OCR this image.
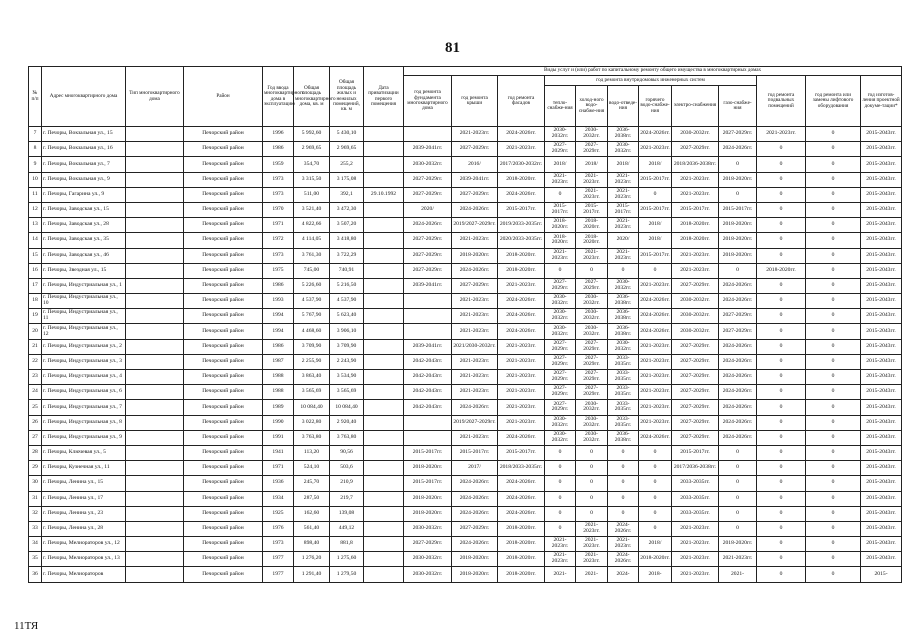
81
№ п/п	Адрес многоквартирного дома	Тип многоквартирного дома	Район	Год ввода многоквартирного дома в эксплуатацию	Общая площадь многоквартирного дома, кв. м	Общая площадь жилых и нежилых помещений, кв. м	Дата приватизации первого помещения	Виды услуг и (или) работ по капитальному ремонту общего имущества в многоквартирных домах											
								год ремонта фундамента многоквартирного дома	год ремонта крыши	год ремонта фасадов	год ремонта внутридомовых инженерных систем						год ремонта подвальных помещений	год ремонта или замены лифтового оборудования	год изготов-ления проектной докуме-тации*
											тепло-снабже-ния	холод-ного водо-снабже-ния	водо-отведе-ния	горячего водо-снабже-ния	электро-снабжения	газо-снабже-ния			
7	г. Печоры, Вокзальная ул., 15		Печорский район	1996	5 992,60	5 430,10			2021-2023гг.	2024-2026гг.	2030-2032гг.	2030-2032гг.	2036-2038гг.	2024-2026гг.	2030-2032гг.	2027-2029гг.	2021-2023гг.	0	2015-2043гг.
8	г. Печоры, Вокзальная ул., 16		Печорский район	1986	2 969,65	2 969,65		2039-2041гг.	2027-2029гг.	2021-2023гг.	2027-2029гг.	2027-2029гг.	2030-2032гг.	2021-2023гг.	2027-2029гг.	2024-2026гг.	0	0	2015-2043гг.
9	г. Печоры, Вокзальная ул., 7		Печорский район	1959	354,70	255,2		2030-2032гг.	2016/	2017/2030-2032гг.	2018/	2018/	2018/	2018/	2018/2036-2038гг.	0	0	0	2015-2043гг.
10	г. Печоры, Вокзальная ул., 9		Печорский район	1973	3 315,50	3 175,08		2027-2029гг.	2039-2041гг.	2018-2020гг.	2021-2023гг.	2021-2023гг.	2021-2023гг.	2015-2017гг.	2021-2023гг.	2018-2020гг.	0	0	2015-2043гг.
11	г. Печоры, Гагарина ул., 9		Печорский район	1973	511,00	392,1	29.10.1992	2027-2029гг.	2027-2029гг.	2024-2026гг.	0	2021-2023гг.	2021-2023гг.	0	2021-2023гг.	0	0	0	2015-2043гг.
12	г. Печоры, Заводская ул., 15		Печорский район	1970	3 521,40	3 472,30		2020/	2024-2026гг.	2015-2017гг.	2015-2017гг.	2015-2017гг.	2015-2017гг.	2015-2017гг.	2015-2017гг.	2015-2017гг.	0	0	2015-2043гг.
13	г. Печоры, Заводская ул., 28		Печорский район	1971	4 822,66	3 507,20		2024-2026гг.	2019/2027-2029гг.	2019/2033-2035гг.	2018-2020гг.	2018-2020гг.	2021-2023гг.	2018/	2018-2020гг.	2018-2020гг.	0	0	2015-2043гг.
14	г. Печоры, Заводская ул., 35		Печорский район	1972	4 114,05	3 418,80		2027-2029гг.	2021-2023гг.	2020/2033-2035гг.	2018-2020гг.	2018-2020гг.	2020/	2018/	2018-2020гг.	2018-2020гг.	0	0	2015-2043гг.
15	г. Печоры, Заводская ул., 46		Печорский район	1973	3 761,30	3 722,29		2027-2029гг.	2018-2020гг.	2018-2020гг.	2021-2023гг.	2021-2023гг.	2021-2023гг.	2015-2017гг.	2021-2023гг.	2018-2020гг.	0	0	2015-2043гг.
16	г. Печоры, Звездная ул., 15		Печорский район	1975	745,00	740,91		2027-2029гг.	2024-2026гг.	2018-2020гг.	0	0	0	0	2021-2023гг.	0	2018-2020гг.	0	2015-2043гг.
17	г. Печоры, Индустриальная ул., 1		Печорский район	1986	5 226,60	5 216,50		2039-2041гг.	2027-2029гг.	2021-2023гг.	2027-2029гг.	2027-2029гг.	2030-2032гг.	2021-2023гг.	2027-2029гг.	2024-2026гг.	0	0	2015-2043гг.
18	г. Печоры, Индустриальная ул., 10		Печорский район	1993	4 537,90	4 537,90			2021-2023гг.	2024-2026гг.	2030-2032гг.	2030-2032гг.	2036-2038гг.	2024-2026гг.	2030-2032гг.	2024-2026гг.	0	0	2015-2043гг.
19	г. Печоры, Индустриальная ул., 11		Печорский район	1994	5 767,90	5 623,40			2021-2023гг.	2024-2026гг.	2030-2032гг.	2030-2032гг.	2036-2038гг.	2024-2026гг.	2030-2032гг.	2027-2029гг.	0	0	2015-2043гг.
20	г. Печоры, Индустриальная ул., 12		Печорский район	1994	4 468,60	3 906,10			2021-2023гг.	2024-2026гг.	2030-2032гг.	2030-2032гг.	2036-2038гг.	2024-2026гг.	2030-2032гг.	2027-2029гг.	0	0	2015-2043гг.
21	г. Печоры, Индустриальная ул., 2		Печорский район	1986	3 709,90	3 709,90		2039-2041гг.	2021/2030-2032гг.	2021-2023гг.	2027-2029гг.	2027-2029гг.	2030-2032гг.	2021-2023гг.	2027-2029гг.	2024-2026гг.	0	0	2015-2043гг.
22	г. Печоры, Индустриальная ул., 3		Печорский район	1987	2 255,90	2 243,90		2042-2043гг.	2021-2023гг.	2021-2023гг.	2027-2029гг.	2027-2029гг.	2033-2035гг.	2021-2023гг.	2027-2029гг.	2024-2026гг.	0	0	2015-2043гг.
23	г. Печоры, Индустриальная ул., 4		Печорский район	1988	3 863,40	3 534,90		2042-2043гг.	2021-2023гг.	2021-2023гг.	2027-2029гг.	2027-2029гг.	2033-2035гг.	2021-2023гг.	2027-2029гг.	2024-2026гг.	0	0	2015-2043гг.
24	г. Печоры, Индустриальная ул., 6		Печорский район	1988	3 565,69	3 565,69		2042-2043гг.	2021-2023гг.	2021-2023гг.	2027-2029гг.	2027-2029гг.	2033-2035гг.	2021-2023гг.	2027-2029гг.	2024-2026гг.	0	0	2015-2043гг.
25	г. Печоры, Индустриальная ул., 7		Печорский район	1989	10 084,40	10 084,40		2042-2043гг.	2024-2026гг.	2021-2023гг.	2027-2029гг.	2030-2032гг.	2033-2035гг.	2021-2023гг.	2027-2029гг.	2024-2026гг.	0	0	2015-2043гг.
26	г. Печоры, Индустриальная ул., 8		Печорский район	1990	3 022,80	2 920,40			2019/2027-2029гг.	2021-2023гг.	2030-2032гг.	2030-2032гг.	2033-2035гг.	2021-2023гг.	2027-2029гг.	2024-2026гг.	0	0	2015-2043гг.
27	г. Печоры, Индустриальная ул., 9		Печорский район	1991	3 763,80	3 763,80			2021-2023гг.	2024-2026гг.	2030-2032гг.	2030-2032гг.	2036-2038гг.	2024-2026гг.	2027-2029гг.	2024-2026гг.	0	0	2015-2043гг.
28	г. Печоры, Ключевая ул., 5		Печорский район	1941	113,20	90,56		2015-2017гг.	2015-2017гг.	2015-2017гг.	0	0	0	0	2015-2017гг.	0	0	0	2015-2043гг.
29	г. Печоры, Кузнечная ул., 11		Печорский район	1971	524,10	503,6		2018-2020гг.	2017/	2018/2033-2035гг.	0	0	0	0	2017/2036-2038гг.	0	0	0	2015-2043гг.
30	г. Печоры, Ленина ул., 15		Печорский район	1936	245,70	210,9		2015-2017гг.	2024-2026гг.	2024-2026гг.	0	0	0	0	2033-2035гг.	0	0	0	2015-2043гг.
31	г. Печоры, Ленина ул., 17		Печорский район	1934	287,50	219,7		2018-2020гг.	2024-2026гг.	2024-2026гг.	0	0	0	0	2033-2035гг.	0	0	0	2015-2043гг.
32	г. Печоры, Ленина ул., 23		Печорский район	1925	162,60	139,08		2018-2020гг.	2024-2026гг.	2024-2026гг.	0	0	0	0	2033-2035гг.	0	0	0	2015-2043гг.
33	г. Печоры, Ленина ул., 28		Печорский район	1976	561,40	449,12		2030-2032гг.	2027-2029гг.	2018-2020гг.	0	2021-2023гг.	2024-2026гг.	0	2021-2023гг.	0	0	0	2015-2043гг.
34	г. Печоры, Мелиораторов ул., 12		Печорский район	1973	898,40	881,8		2027-2029гг.	2024-2026гг.	2018-2020гг.	2021-2023гг.	2021-2023гг.	2021-2023гг.	2018/	2021-2023гг.	2018-2020гг.	0	0	2015-2043гг.
35	г. Печоры, Мелиораторов ул., 13		Печорский район	1977	1 276,20	1 275,60		2030-2032гг.	2018-2020гг.	2018-2020гг.	2021-2023гг.	2021-2023гг.	2024-2026гг.	2018-2020гг.	2021-2023гг.	2021-2023гг.	0	0	2015-2043гг.
36	г. Печоры, Мелиораторов		Печорский район	1977	1 291,40	1 279,50		2030-2032гг.	2018-2020гг.	2018-2020гг.	2021-	2021-	2024-	2018-	2021-2023гг.	2021-	0	0	2015-
11ТЯ
